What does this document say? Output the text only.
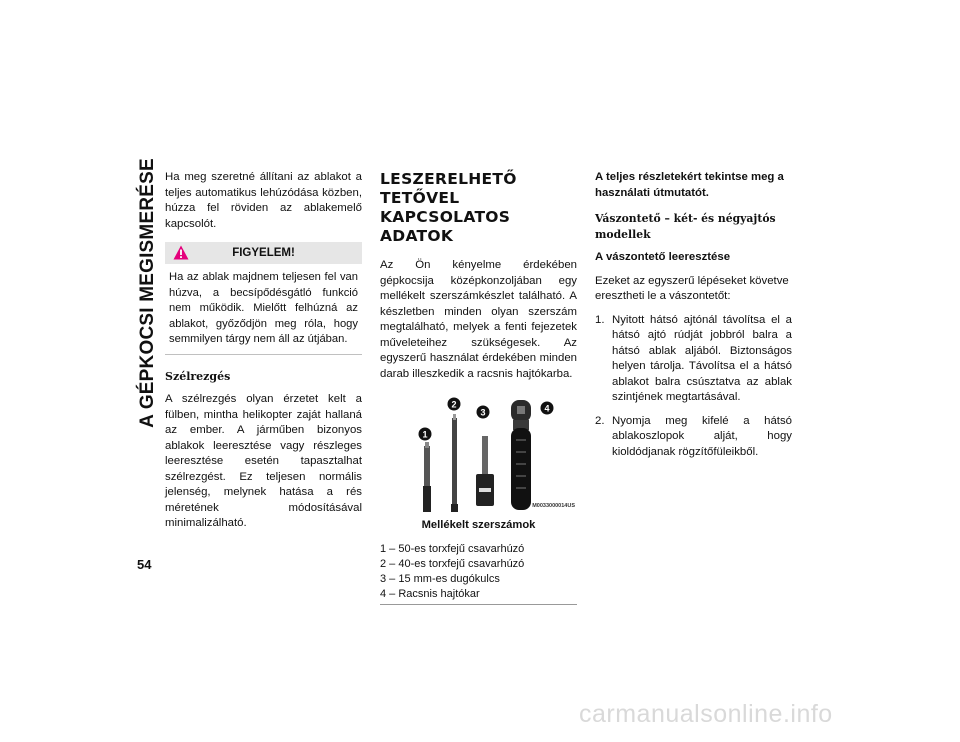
A GÉPKOCSI MEGISMERÉSE
54

Ha meg szeretné állítani az ablakot a teljes automatikus lehúzódása közben, húzza fel röviden az ablakemelő kapcsolót.

FIGYELEM!
Ha az ablak majdnem teljesen fel van húzva, a becsípődésgátló funkció nem működik. Mielőtt felhúzná az ablakot, győződjön meg róla, hogy semmilyen tárgy nem áll az útjában.
Szélrezgés

A szélrezgés olyan érzetet kelt a fülben, mintha helikopter zaját hallaná az ember. A járműben bizonyos ablakok leeresztése vagy részleges leeresztése esetén tapasztalhat szélrezgést. Ez teljesen normális jelenség, melynek hatása a rés méretének módosításával minimalizálható.

LESZERELHETŐ TETŐVEL
KAPCSOLATOS ADATOK

Az Ön kényelme érdekében gépkocsija középkonzoljában egy mellékelt szerszámkészlet található. A készletben minden olyan szerszám megtalálható, melyek a fenti fejezetek műveleteihez szükségesek. Az egyszerű használat érdekében minden darab illeszkedik a racsnis hajtókarba.

1
2
3	4
M0033000014US
Mellékelt szerszámok
1 – 50-es torxfejű csavarhúzó
2 – 40-es torxfejű csavarhúzó
3 – 15 mm-es dugókulcs
4 – Racsnis hajtókar

A teljes részletekért tekintse meg a használati útmutatót.

Vászontető – két- és négyajtós modellek

A vászontető leeresztése

Ezeket az egyszerű lépéseket követve eresztheti le a vászontetőt:

1. Nyitott hátsó ajtónál távolítsa el a hátsó ajtó rúdját jobbról balra a hátsó ablak aljából. Biztonságos helyen tárolja. Távolítsa el a hátsó ablakot balra csúsztatva az ablak szintjének megtartásával.
2. Nyomja meg kifelé a hátsó ablakoszlopok alját, hogy kioldódjanak rögzítőfüleikből.
carmanualsonline.info
